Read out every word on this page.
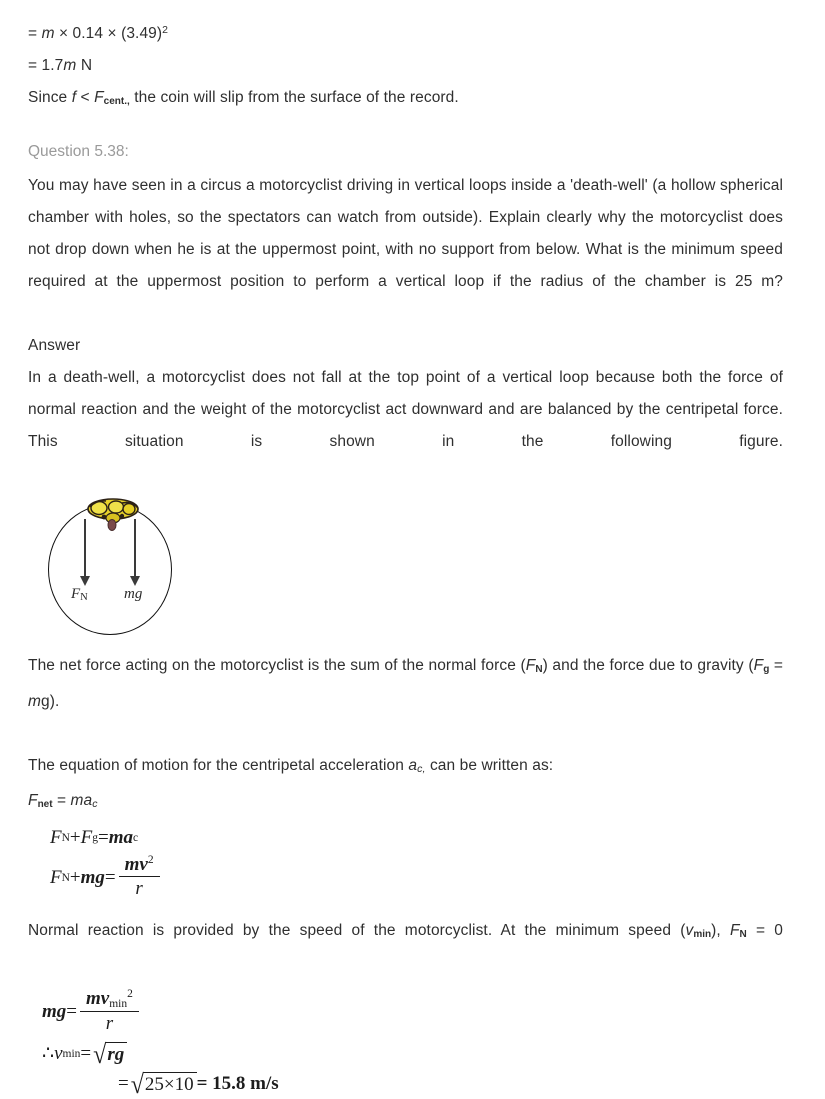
= $m \times 0.14 \times (3.49)^2$
= 1.7m N
Since $f < F_{cent.,}$ the coin will slip from the surface of the record.
Question 5.38:
You may have seen in a circus a motorcyclist driving in vertical loops inside a 'death-well' (a hollow spherical chamber with holes, so the spectators can watch from outside). Explain clearly why the motorcyclist does not drop down when he is at the uppermost point, with no support from below. What is the minimum speed required at the uppermost position to perform a vertical loop if the radius of the chamber is 25 m?
Answer
In a death-well, a motorcyclist does not fall at the top point of a vertical loop because both the force of normal reaction and the weight of the motorcyclist act downward and are balanced by the centripetal force. This situation is shown in the following figure.
$F_N$ mg
The net force acting on the motorcyclist is the sum of the normal force $(F_N)$ and the force due to gravity $(F_g = mg)$.
The equation of motion for the centripetal acceleration $a_{c,}$ can be written as:
$F_{net} = ma_c$
F N + F g = ma c
F N + mg = $\frac{mv^2}{r}$
Normal reaction is provided by the speed of the motorcyclist. At the minimum speed $(v_{min})$, $F_N = 0$
mg = $\frac{mv_{min}^2}{r}$
∴ v min = √ rg
= √ 25×10 = 15.8 m/s
